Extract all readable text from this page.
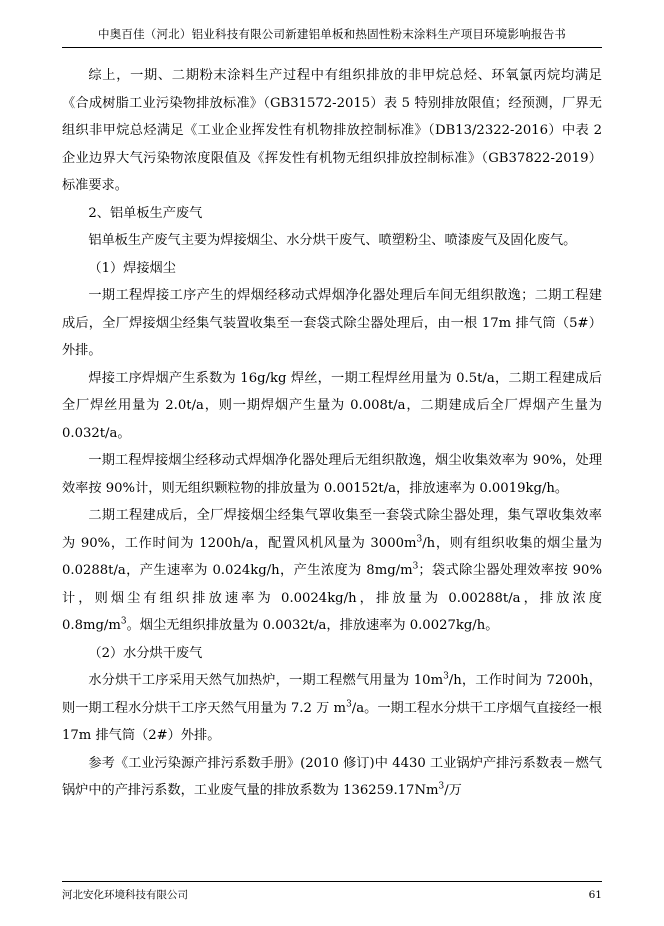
中奥百佳（河北）铝业科技有限公司新建铝单板和热固性粉末涂料生产项目环境影响报告书

综上，一期、二期粉末涂料生产过程中有组织排放的非甲烷总烃、环氧氯丙烷均满足《合成树脂工业污染物排放标准》（GB31572-2015）表 5 特别排放限值；经预测，厂界无组织非甲烷总烃满足《工业企业挥发性有机物排放控制标准》（DB13/2322-2016）中表 2 企业边界大气污染物浓度限值及《挥发性有机物无组织排放控制标准》（GB37822-2019）标准要求。

2、铝单板生产废气

铝单板生产废气主要为焊接烟尘、水分烘干废气、喷塑粉尘、喷漆废气及固化废气。

（1）焊接烟尘

一期工程焊接工序产生的焊烟经移动式焊烟净化器处理后车间无组织散逸；二期工程建成后，全厂焊接烟尘经集气装置收集至一套袋式除尘器处理后，由一根 17m 排气筒（5#）外排。

焊接工序焊烟产生系数为 16g/kg 焊丝，一期工程焊丝用量为 0.5t/a，二期工程建成后全厂焊丝用量为 2.0t/a，则一期焊烟产生量为 0.008t/a，二期建成后全厂焊烟产生量为 0.032t/a。

一期工程焊接烟尘经移动式焊烟净化器处理后无组织散逸，烟尘收集效率为 90%，处理效率按 90%计，则无组织颗粒物的排放量为 0.00152t/a，排放速率为 0.0019kg/h。

二期工程建成后，全厂焊接烟尘经集气罩收集至一套袋式除尘器处理，集气罩收集效率为 90%，工作时间为 1200h/a，配置风机风量为 $3000m^3/h$，则有组织收集的烟尘量为 0.0288t/a，产生速率为 0.024kg/h，产生浓度为 $8mg/m^3$；袋式除尘器处理效率按 90%计，则烟尘有组织排放速率为 0.0024kg/h，排放量为 0.00288t/a，排放浓度 $0.8mg/m^3$。烟尘无组织排放量为 0.0032t/a，排放速率为 0.0027kg/h。

（2）水分烘干废气

水分烘干工序采用天然气加热炉，一期工程燃气用量为 $10m^3/h$，工作时间为 7200h，则一期工程水分烘干工序天然气用量为 7.2 万 $m^3/a$。一期工程水分烘干工序烟气直接经一根 17m 排气筒（2#）外排。

参考《工业污染源产排污系数手册》(2010 修订)中 4430 工业锅炉产排污系数表－燃气锅炉中的产排污系数，工业废气量的排放系数为 136259.17Nm$^3$/万

河北安化环境科技有限公司	61
